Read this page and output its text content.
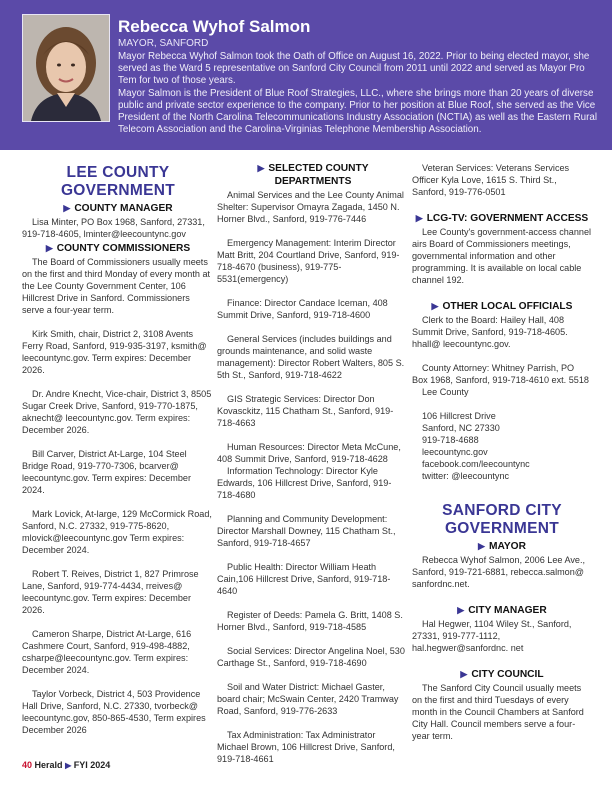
Rebecca Wyhof Salmon
MAYOR, SANFORD

Mayor Rebecca Wyhof Salmon took the Oath of Office on August 16, 2022. Prior to being elected mayor, she served as the Ward 5 representative on Sanford City Council from 2011 until 2022 and served as Mayor Pro Tem for two of those years.

Mayor Salmon is the President of Blue Roof Strategies, LLC., where she brings more than 20 years of diverse public and private sector experience to the company. Prior to her position at Blue Roof, she served as the Vice President of the North Carolina Telecommunications Industry Association (NCTIA) as well as the Eastern Rural Telecom Association and the Carolina-Virginias Telephone Membership Association.

LEE COUNTY
GOVERNMENT
▶ COUNTY MANAGER

Lisa Minter, PO Box 1968, Sanford, 27331, 919-718-4605, lminter@leecountync.gov

▶ COUNTY COMMISSIONERS

The Board of Commissioners usually meets on the first and third Monday of every month at the Lee County Government Center, 106 Hillcrest Drive in Sanford. Commissioners serve a four-year term.

Kirk Smith, chair, District 2, 3108 Avents Ferry Road, Sanford, 919-935-3197, ksmith@ leecountync.gov. Term expires: December 2026.

Dr. Andre Knecht, Vice-chair, District 3, 8505 Sugar Creek Drive, Sanford, 919-770-1875, aknecht@ leecountync.gov. Term expires: December 2026.

Bill Carver, District At-Large, 104 Steel Bridge Road, 919-770-7306, bcarver@ leecountync.gov. Term expires: December 2024.

Mark Lovick, At-large, 129 McCormick Road, Sanford, N.C. 27332, 919-775-8620, mlovick@leecountync.gov Term expires: December 2024.

Robert T. Reives, District 1, 827 Primrose Lane, Sanford, 919-774-4434, rreives@ leecountync.gov. Term expires: December 2026.

Cameron Sharpe, District At-Large, 616 Cashmere Court, Sanford, 919-498-4882, csharpe@leecountync.gov. Term expires: December 2024.

Taylor Vorbeck, District 4, 503 Providence Hall Drive, Sanford, N.C. 27330, tvorbeck@ leecountync.gov, 850-865-4530, Term expires December 2026

▶ SELECTED COUNTY
DEPARTMENTS

Animal Services and the Lee County Animal Shelter: Supervisor Omayra Zagada, 1450 N. Horner Blvd., Sanford, 919-776-7446

Emergency Management: Interim Director Matt Britt, 204 Courtland Drive, Sanford, 919-718-4670 (business), 919-775-5531(emergency)

Finance: Director Candace Iceman, 408 Summit Drive, Sanford, 919-718-4600

General Services (includes buildings and grounds maintenance, and solid waste management): Director Robert Walters, 805 S. 5th St., Sanford, 919-718-4622

GIS Strategic Services: Director Don Kovasckitz, 115 Chatham St., Sanford, 919-718-4663

Human Resources: Director Meta McCune, 408 Summit Drive, Sanford, 919-718-4628

Information Technology: Director Kyle Edwards, 106 Hillcrest Drive, Sanford, 919-718-4680

Planning and Community Development: Director Marshall Downey, 115 Chatham St., Sanford, 919-718-4657

Public Health: Director William Heath Cain,106 Hillcrest Drive, Sanford, 919-718-4640

Register of Deeds: Pamela G. Britt, 1408 S. Horner Blvd., Sanford, 919-718-4585

Social Services: Director Angelina Noel, 530 Carthage St., Sanford, 919-718-4690

Soil and Water District: Michael Gaster, board chair; McSwain Center, 2420 Tramway Road, Sanford, 919-776-2633

Tax Administration: Tax Administrator Michael Brown, 106 Hillcrest Drive, Sanford, 919-718-4661

Veteran Services: Veterans Services Officer Kyla Love, 1615 S. Third St., Sanford, 919-776-0501

▶ LCG-TV: GOVERNMENT ACCESS

Lee County's government-access channel airs Board of Commissioners meetings, governmental information and other programming. It is available on local cable channel 192.

▶ OTHER LOCAL OFFICIALS

Clerk to the Board: Hailey Hall, 408 Summit Drive, Sanford, 919-718-4605. hhall@ leecountync.gov.

County Attorney: Whitney Parrish, PO Box 1968, Sanford, 919-718-4610 ext. 5518

Lee County

106 Hillcrest Drive

Sanford, NC 27330

919-718-4688

leecountync.gov

facebook.com/leecountync

twitter: @leecountync

SANFORD CITY
GOVERNMENT
▶ MAYOR

Rebecca Wyhof Salmon, 2006 Lee Ave., Sanford, 919-721-6881, rebecca.salmon@ sanfordnc.net.

▶ CITY MANAGER

Hal Hegwer, 1104 Wiley St., Sanford, 27331, 919-777-1112, hal.hegwer@sanfordnc. net

▶ CITY COUNCIL

The Sanford City Council usually meets on the first and third Tuesdays of every month in the Council Chambers at Sanford City Hall. Council members serve a four-year term.

40 Herald ▶ FYI 2024
